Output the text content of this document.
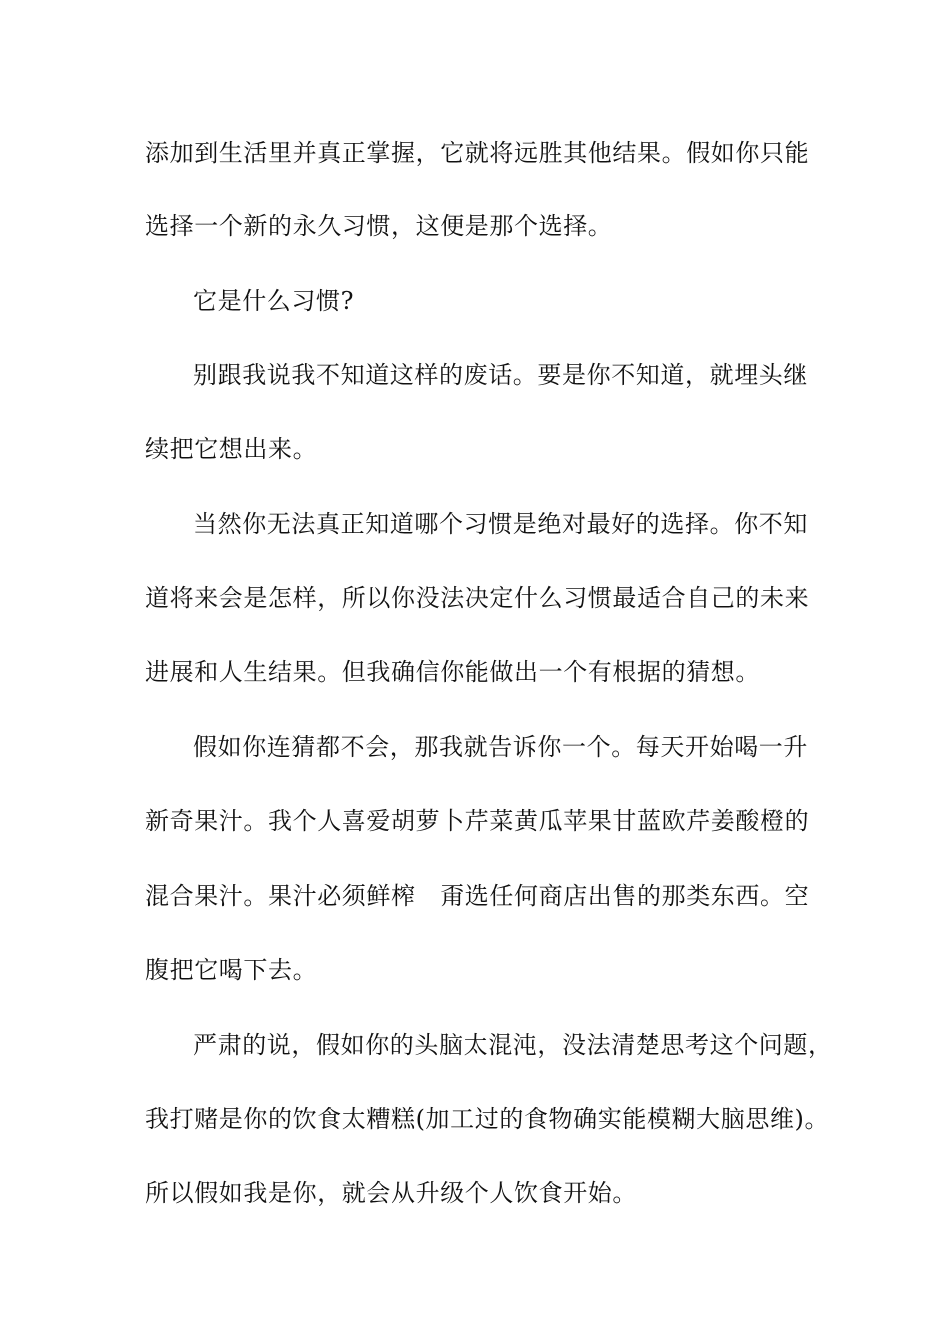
添加到生活里并真正掌握，它就将远胜其他结果。假如你只能
选择一个新的永久习惯，这便是那个选择。
它是什么习惯?
别跟我说我不知道这样的废话。要是你不知道，就埋头继
续把它想出来。
当然你无法真正知道哪个习惯是绝对最好的选择。你不知
道将来会是怎样，所以你没法决定什么习惯最适合自己的未来
进展和人生结果。但我确信你能做出一个有根据的猜想。
假如你连猜都不会，那我就告诉你一个。每天开始喝一升
新奇果汁。我个人喜爱胡萝卜芹菜黄瓜苹果甘蓝欧芹姜酸橙的
混合果汁。果汁必须鲜榨　甭选任何商店出售的那类东西。空
腹把它喝下去。
严肃的说，假如你的头脑太混沌，没法清楚思考这个问题，
我打赌是你的饮食太糟糕(加工过的食物确实能模糊大脑思维)。
所以假如我是你，就会从升级个人饮食开始。
